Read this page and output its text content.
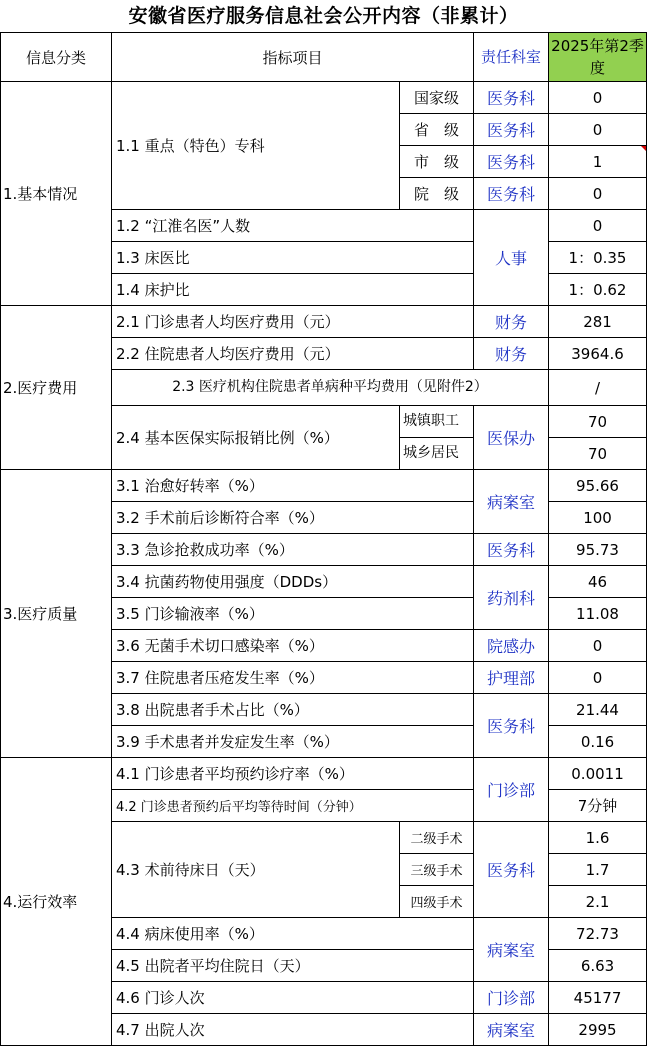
安徽省医疗服务信息社会公开内容（非累计）
信息分类	指标项目		责任科室	2025年第2季度
1.基本情况	1.1 重点（特色）专科	国家级	医务科	0
		省　级	医务科	0
		市　级	医务科	1
		院　级	医务科	0
	1.2 “江淮名医”人数		人事	0
	1.3 床医比			1：0.35
	1.4 床护比			1：0.62
2.医疗费用	2.1 门诊患者人均医疗费用（元）		财务	281
	2.2 住院患者人均医疗费用（元）		财务	3964.6
	2.3 医疗机构住院患者单病种平均费用（见附件2）			/
	2.4 基本医保实际报销比例（%）	城镇职工	医保办	70
		城乡居民		70
3.医疗质量	3.1 治愈好转率（%）		病案室	95.66
	3.2 手术前后诊断符合率（%）			100
	3.3 急诊抢救成功率（%）		医务科	95.73
	3.4 抗菌药物使用强度（DDDs）		药剂科	46
	3.5 门诊输液率（%）			11.08
	3.6 无菌手术切口感染率（%）		院感办	0
	3.7 住院患者压疮发生率（%）		护理部	0
	3.8 出院患者手术占比（%）		医务科	21.44
	3.9 手术患者并发症发生率（%）			0.16
4.运行效率	4.1 门诊患者平均预约诊疗率（%）		门诊部	0.0011
	4.2 门诊患者预约后平均等待时间（分钟）			7分钟
	4.3 术前待床日（天）	二级手术	医务科	1.6
		三级手术		1.7
		四级手术		2.1
	4.4 病床使用率（%）		病案室	72.73
	4.5 出院者平均住院日（天）			6.63
	4.6 门诊人次		门诊部	45177
	4.7 出院人次		病案室	2995
